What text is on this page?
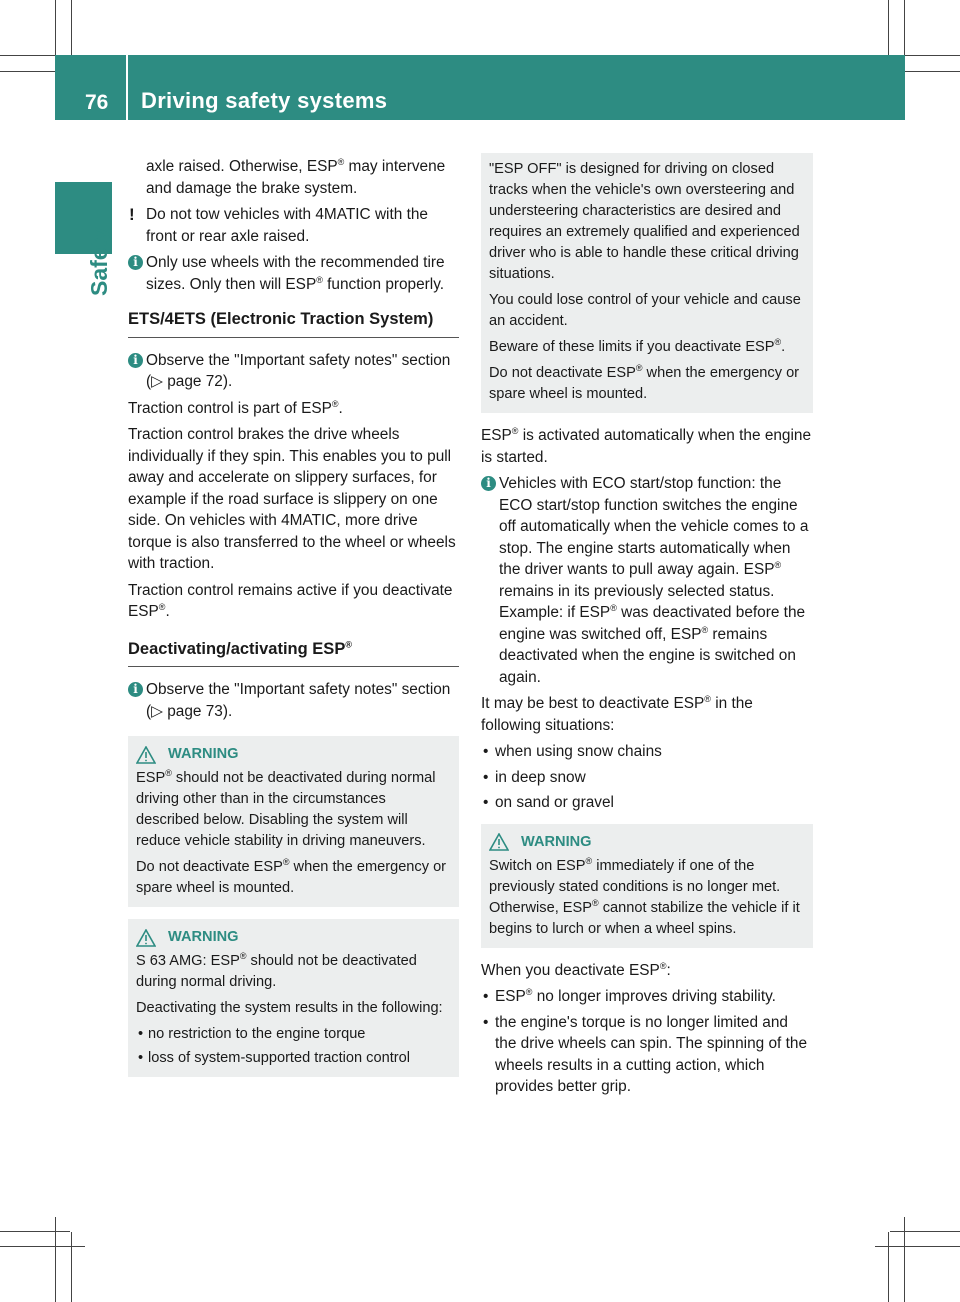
76 Driving safety systems
Safety

axle raised. Otherwise, ESP® may intervene and damage the brake system.

! Do not tow vehicles with 4MATIC with the front or rear axle raised.
i Only use wheels with the recommended tire sizes. Only then will ESP® function properly.
ETS/4ETS (Electronic Traction System)
i Observe the "Important safety notes" section (▷ page 72).

Traction control is part of ESP®.

Traction control brakes the drive wheels individually if they spin. This enables you to pull away and accelerate on slippery surfaces, for example if the road surface is slippery on one side. On vehicles with 4MATIC, more drive torque is also transferred to the wheel or wheels with traction.

Traction control remains active if you deactivate ESP®.

Deactivating/activating ESP®
i Observe the "Important safety notes" section (▷ page 73).
WARNING

ESP® should not be deactivated during normal driving other than in the circumstances described below. Disabling the system will reduce vehicle stability in driving maneuvers.

Do not deactivate ESP® when the emergency or spare wheel is mounted.

WARNING

S 63 AMG: ESP® should not be deactivated during normal driving.

Deactivating the system results in the following:

• no restriction to the engine torque
• loss of system-supported traction control

"ESP OFF" is designed for driving on closed tracks when the vehicle's own oversteering and understeering characteristics are desired and requires an extremely qualified and experienced driver who is able to handle these critical driving situations.

You could lose control of your vehicle and cause an accident.

Beware of these limits if you deactivate ESP®.

Do not deactivate ESP® when the emergency or spare wheel is mounted.

ESP® is activated automatically when the engine is started.

i Vehicles with ECO start/stop function: the ECO start/stop function switches the engine off automatically when the vehicle comes to a stop. The engine starts automatically when the driver wants to pull away again. ESP® remains in its previously selected status. Example: if ESP® was deactivated before the engine was switched off, ESP® remains deactivated when the engine is switched on again.

It may be best to deactivate ESP® in the following situations:

• when using snow chains
• in deep snow
• on sand or gravel
WARNING

Switch on ESP® immediately if one of the previously stated conditions is no longer met. Otherwise, ESP® cannot stabilize the vehicle if it begins to lurch or when a wheel spins.

When you deactivate ESP®:

• ESP® no longer improves driving stability.
• the engine's torque is no longer limited and the drive wheels can spin. The spinning of the wheels results in a cutting action, which provides better grip.
